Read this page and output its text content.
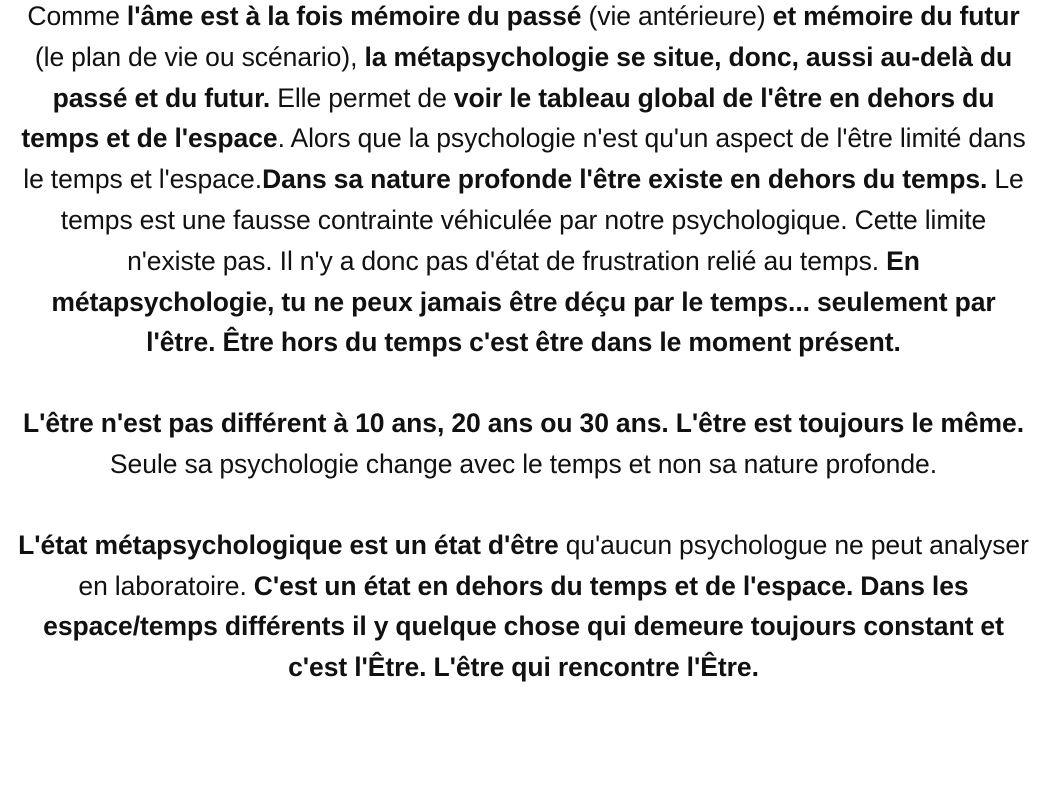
Comme l'âme est à la fois mémoire du passé (vie antérieure) et mémoire du futur (le plan de vie ou scénario), la métapsychologie se situe, donc, aussi au-delà du passé et du futur. Elle permet de voir le tableau global de l'être en dehors du temps et de l'espace. Alors que la psychologie n'est qu'un aspect de l'être limité dans le temps et l'espace.Dans sa nature profonde l'être existe en dehors du temps. Le temps est une fausse contrainte véhiculée par notre psychologique. Cette limite n'existe pas. Il n'y a donc pas d'état de frustration relié au temps. En métapsychologie, tu ne peux jamais être déçu par le temps... seulement par l'être. Être hors du temps c'est être dans le moment présent.

L'être n'est pas différent à 10 ans, 20 ans ou 30 ans. L'être est toujours le même.
Seule sa psychologie change avec le temps et non sa nature profonde.

L'état métapsychologique est un état d'être qu'aucun psychologue ne peut analyser en laboratoire. C'est un état en dehors du temps et de l'espace. Dans les espace/temps différents il y quelque chose qui demeure toujours constant et c'est l'Être. L'être qui rencontre l'Être.
